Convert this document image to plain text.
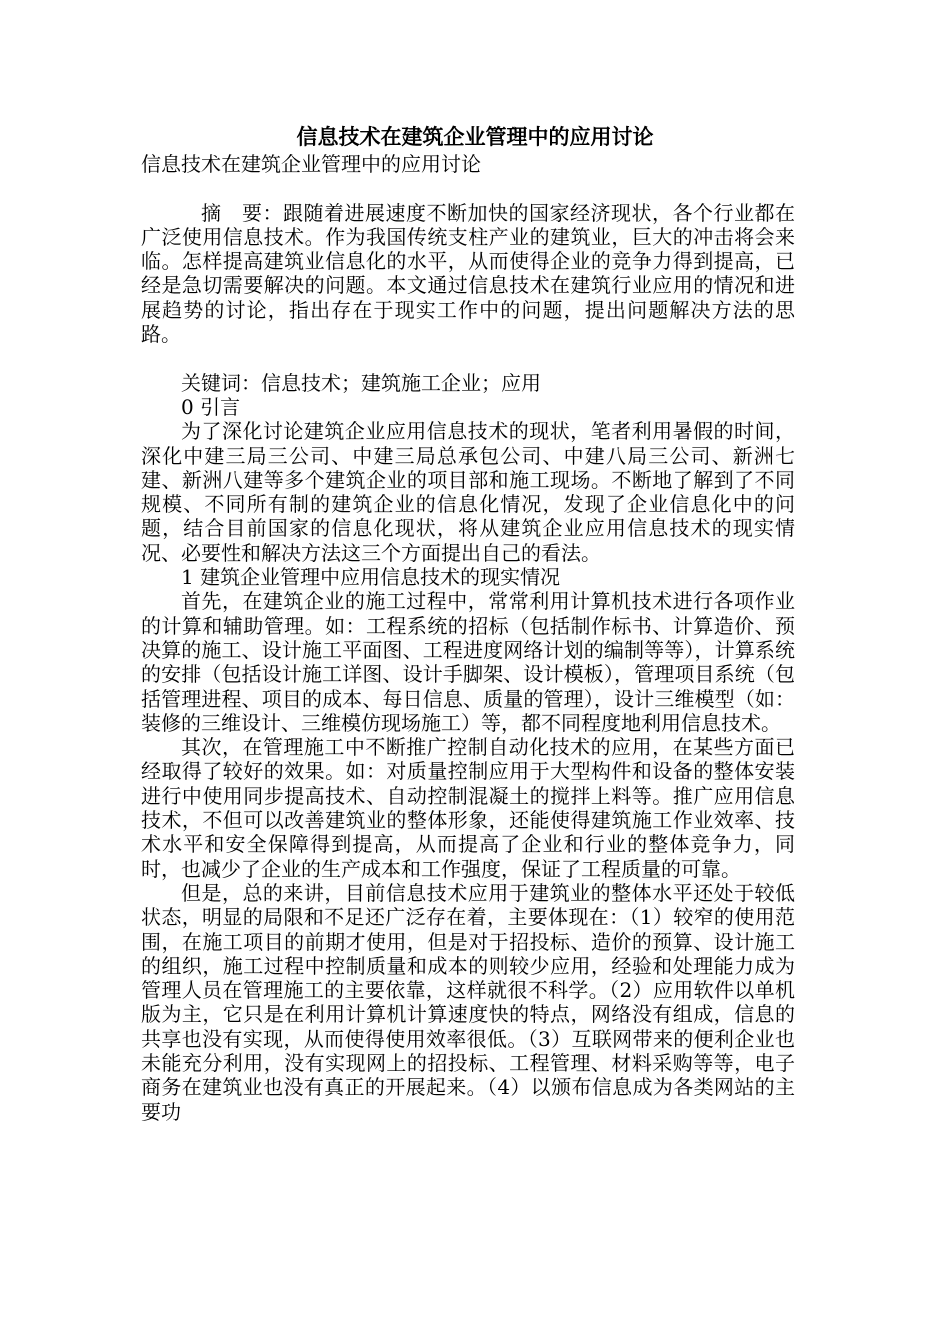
信息技术在建筑企业管理中的应用讨论

信息技术在建筑企业管理中的应用讨论

摘　要：跟随着进展速度不断加快的国家经济现状，各个行业都在广泛使用信息技术。作为我国传统支柱产业的建筑业，巨大的冲击将会来临。怎样提高建筑业信息化的水平，从而使得企业的竞争力得到提高，已经是急切需要解决的问题。本文通过信息技术在建筑行业应用的情况和进展趋势的讨论，指出存在于现实工作中的问题，提出问题解决方法的思路。

关键词：信息技术；建筑施工企业；应用

0 引言

为了深化讨论建筑企业应用信息技术的现状，笔者利用暑假的时间，深化中建三局三公司、中建三局总承包公司、中建八局三公司、新洲七建、新洲八建等多个建筑企业的项目部和施工现场。不断地了解到了不同规模、不同所有制的建筑企业的信息化情况，发现了企业信息化中的问题，结合目前国家的信息化现状，将从建筑企业应用信息技术的现实情况、必要性和解决方法这三个方面提出自己的看法。

1 建筑企业管理中应用信息技术的现实情况

首先，在建筑企业的施工过程中，常常利用计算机技术进行各项作业的计算和辅助管理。如：工程系统的招标（包括制作标书、计算造价、预决算的施工、设计施工平面图、工程进度网络计划的编制等等），计算系统的安排（包括设计施工详图、设计手脚架、设计模板），管理项目系统（包括管理进程、项目的成本、每日信息、质量的管理），设计三维模型（如：装修的三维设计、三维模仿现场施工）等，都不同程度地利用信息技术。

其次，在管理施工中不断推广控制自动化技术的应用，在某些方面已经取得了较好的效果。如：对质量控制应用于大型构件和设备的整体安装进行中使用同步提高技术、自动控制混凝土的搅拌上料等。推广应用信息技术，不但可以改善建筑业的整体形象，还能使得建筑施工作业效率、技术水平和安全保障得到提高，从而提高了企业和行业的整体竞争力，同时，也减少了企业的生产成本和工作强度，保证了工程质量的可靠。

但是，总的来讲，目前信息技术应用于建筑业的整体水平还处于较低状态，明显的局限和不足还广泛存在着，主要体现在：（1）较窄的使用范围，在施工项目的前期才使用，但是对于招投标、造价的预算、设计施工的组织，施工过程中控制质量和成本的则较少应用，经验和处理能力成为管理人员在管理施工的主要依靠，这样就很不科学。（2）应用软件以单机版为主，它只是在利用计算机计算速度快的特点，网络没有组成，信息的共享也没有实现，从而使得使用效率很低。（3）互联网带来的便利企业也未能充分利用，没有实现网上的招投标、工程管理、材料采购等等，电子商务在建筑业也没有真正的开展起来。（4）以颁布信息成为各类网站的主要功
